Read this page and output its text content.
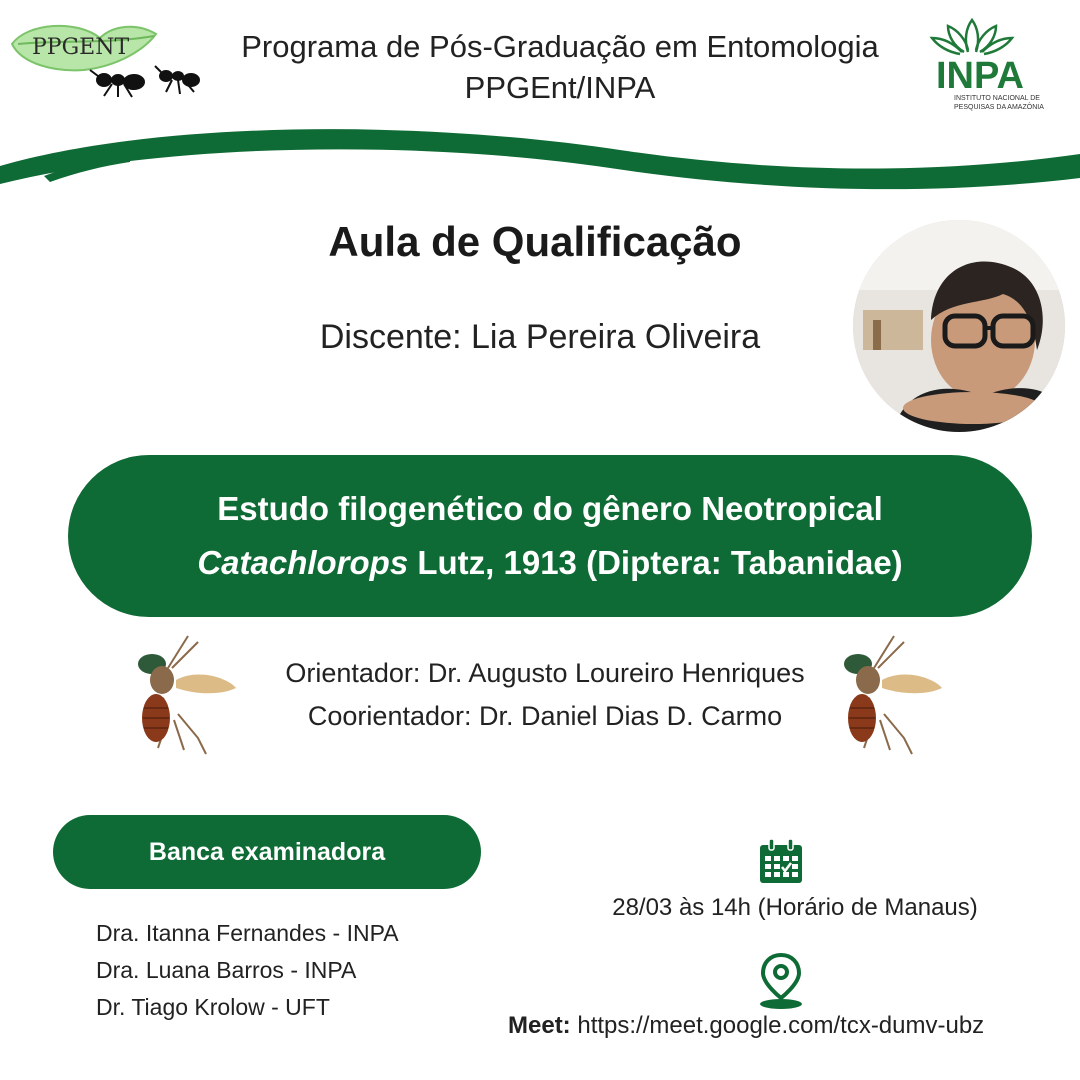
PPGENT	Programa de Pós-Graduação em Entomologia
PPGEnt/INPA	INPA
INSTITUTO NACIONAL DE
PESQUISAS DA AMAZÔNIA
Aula de Qualificação
Discente: Lia Pereira Oliveira
Estudo filogenético do gênero Neotropical
Catachlorops Lutz, 1913 (Diptera: Tabanidae)
Orientador: Dr. Augusto Loureiro Henriques
Coorientador: Dr. Daniel Dias D. Carmo
Banca examinadora
Dra. Itanna Fernandes - INPA
Dra. Luana Barros - INPA
Dr. Tiago Krolow - UFT
28/03 às 14h (Horário de Manaus)
Meet: https://meet.google.com/tcx-dumv-ubz
